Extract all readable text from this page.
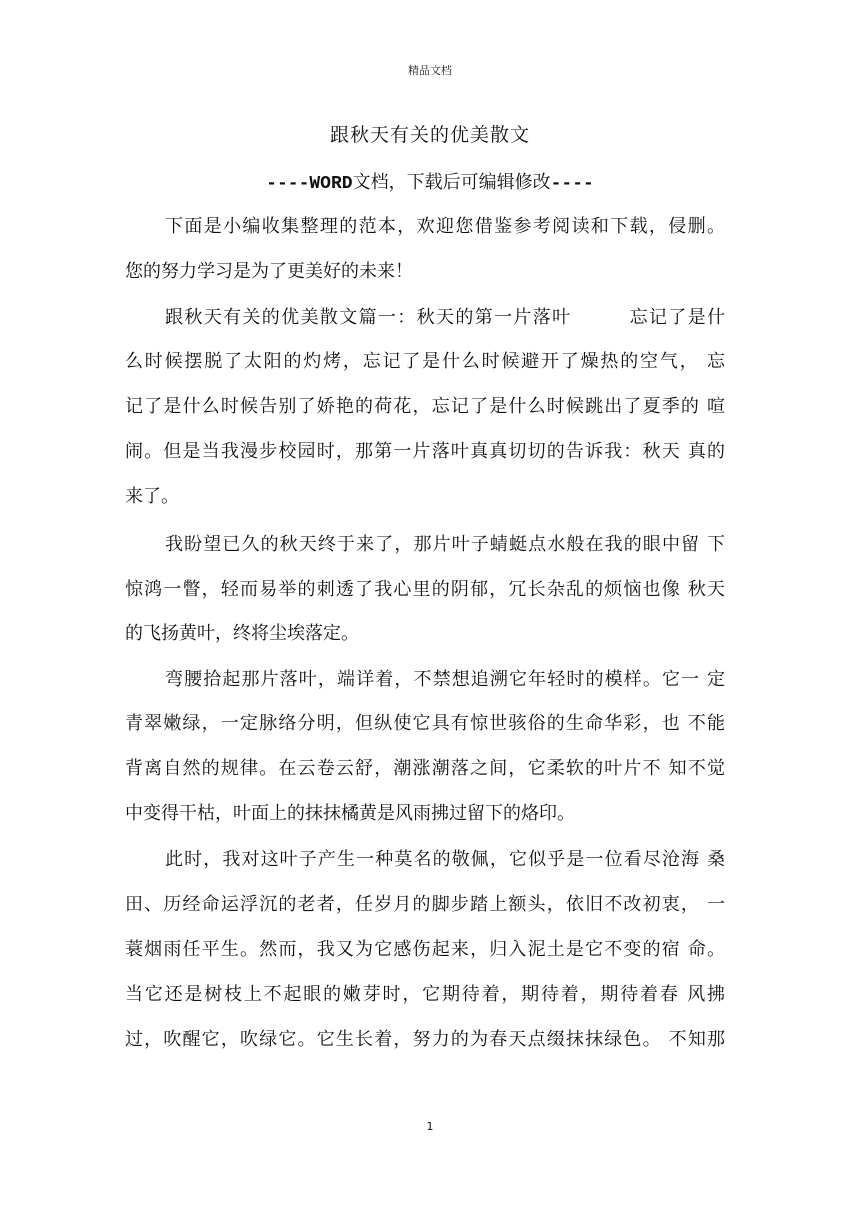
精品文档
跟秋天有关的优美散文
----WORD文档，下载后可编辑修改----
下面是小编收集整理的范本，欢迎您借鉴参考阅读和下载，侵删。
您的努力学习是为了更美好的未来！
跟秋天有关的优美散文篇一：秋天的第一片落叶　　　忘记了是什
么时候摆脱了太阳的灼烤，忘记了是什么时候避开了燥热的空气， 忘
记了是什么时候告别了娇艳的荷花，忘记了是什么时候跳出了夏季的 喧
闹。但是当我漫步校园时，那第一片落叶真真切切的告诉我：秋天 真的
来了。
我盼望已久的秋天终于来了，那片叶子蜻蜓点水般在我的眼中留 下
惊鸿一瞥，轻而易举的刺透了我心里的阴郁，冗长杂乱的烦恼也像 秋天
的飞扬黄叶，终将尘埃落定。
弯腰拾起那片落叶，端详着，不禁想追溯它年轻时的模样。它一 定
青翠嫩绿，一定脉络分明，但纵使它具有惊世骇俗的生命华彩，也 不能
背离自然的规律。在云卷云舒，潮涨潮落之间，它柔软的叶片不 知不觉
中变得干枯，叶面上的抹抹橘黄是风雨拂过留下的烙印。
此时，我对这叶子产生一种莫名的敬佩，它似乎是一位看尽沧海 桑
田、历经命运浮沉的老者，任岁月的脚步踏上额头，依旧不改初衷， 一
蓑烟雨任平生。然而，我又为它感伤起来，归入泥土是它不变的宿 命。
当它还是树枝上不起眼的嫩芽时，它期待着，期待着，期待着春 风拂
过，吹醒它，吹绿它。它生长着，努力的为春天点缀抹抹绿色。 不知那
1
